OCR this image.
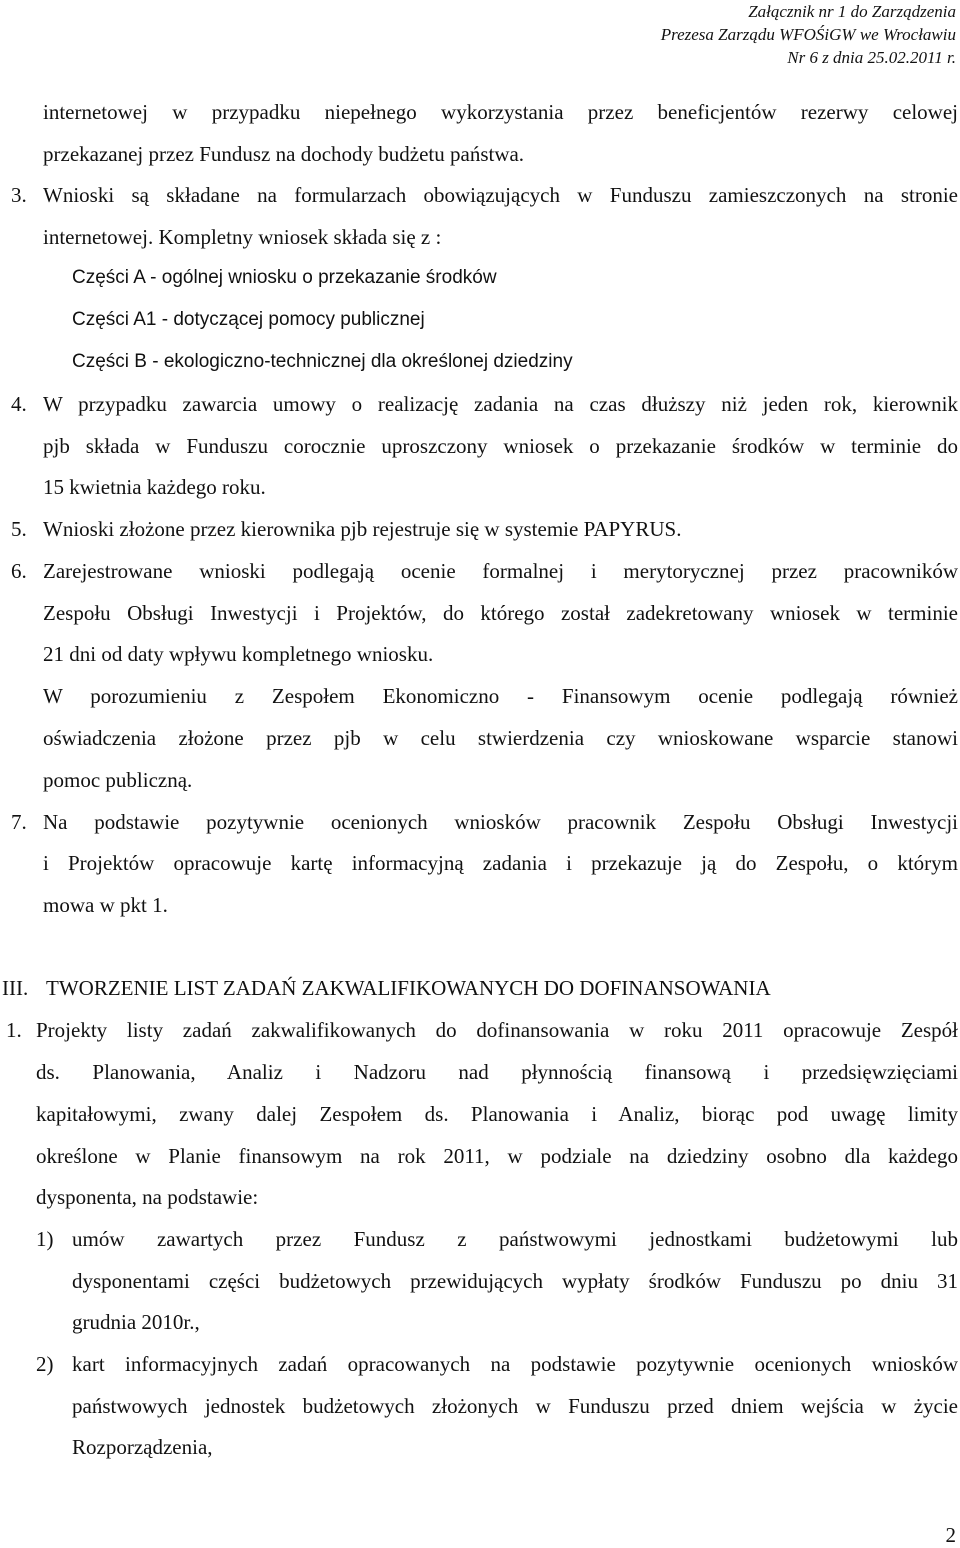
Załącznik nr 1 do Zarządzenia
Prezesa Zarządu WFOŚiGW we Wrocławiu
Nr 6 z dnia 25.02.2011 r.
internetowej w przypadku niepełnego wykorzystania przez beneficjentów rezerwy celowej
przekazanej przez Fundusz na dochody budżetu państwa.
3. Wnioski są składane na formularzach obowiązujących w Funduszu zamieszczonych na stronie
internetowej. Kompletny wniosek składa się z :
Części A - ogólnej wniosku o przekazanie środków
Części A1 - dotyczącej pomocy publicznej
Części B - ekologiczno-technicznej dla określonej dziedziny
4. W przypadku zawarcia umowy o realizację zadania na czas dłuższy niż jeden rok, kierownik
pjb składa w Funduszu corocznie uproszczony wniosek o przekazanie środków w terminie do
15 kwietnia każdego roku.
5. Wnioski złożone przez kierownika pjb rejestruje się w systemie PAPYRUS.
6. Zarejestrowane wnioski podlegają ocenie formalnej i merytorycznej przez pracowników
Zespołu Obsługi Inwestycji i Projektów, do którego został zadekretowany wniosek w terminie
21 dni od daty wpływu kompletnego wniosku.
W porozumieniu z Zespołem Ekonomiczno - Finansowym ocenie podlegają również
oświadczenia złożone przez pjb w celu stwierdzenia czy wnioskowane wsparcie stanowi
pomoc publiczną.
7. Na podstawie pozytywnie ocenionych wniosków pracownik Zespołu Obsługi Inwestycji
i Projektów opracowuje kartę informacyjną zadania i przekazuje ją do Zespołu, o którym
mowa w pkt 1.
III. TWORZENIE LIST ZADAŃ ZAKWALIFIKOWANYCH DO DOFINANSOWANIA
1. Projekty listy zadań zakwalifikowanych do dofinansowania w roku 2011 opracowuje Zespół
ds. Planowania, Analiz i Nadzoru nad płynnością finansową i przedsięwzięciami
kapitałowymi, zwany dalej Zespołem ds. Planowania i Analiz, biorąc pod uwagę limity
określone w Planie finansowym na rok 2011, w podziale na dziedziny osobno dla każdego
dysponenta, na podstawie:
1) umów zawartych przez Fundusz z państwowymi jednostkami budżetowymi lub
dysponentami części budżetowych przewidujących wypłaty środków Funduszu po dniu 31
grudnia 2010r.,
2) kart informacyjnych zadań opracowanych na podstawie pozytywnie ocenionych wniosków
państwowych jednostek budżetowych złożonych w Funduszu przed dniem wejścia w życie
Rozporządzenia,
2
